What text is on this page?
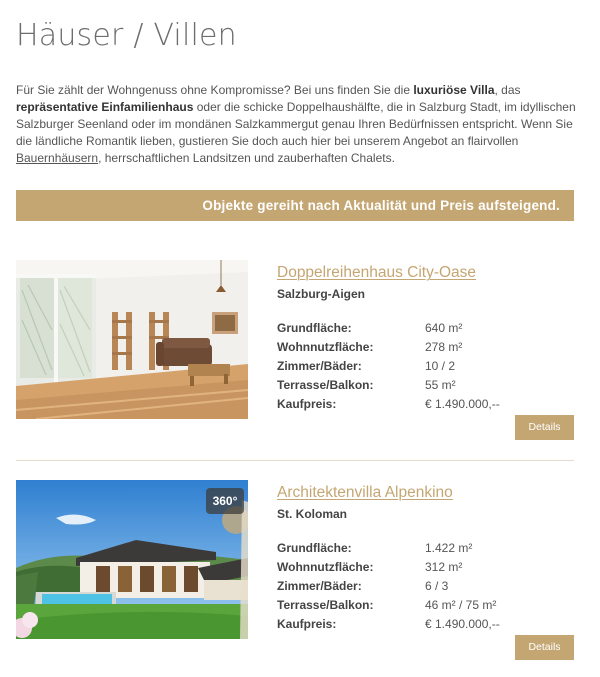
Häuser / Villen

Für Sie zählt der Wohngenuss ohne Kompromisse? Bei uns finden Sie die luxuriöse Villa, das repräsentative Einfamilienhaus oder die schicke Doppelhaushälfte, die in Salzburg Stadt, im idyllischen Salzburger Seenland oder im mondänen Salzkammergut genau Ihren Bedürfnissen entspricht. Wenn Sie die ländliche Romantik lieben, gustieren Sie doch auch hier bei unserem Angebot an flairvollen Bauernhäusern, herrschaftlichen Landsitzen und zauberhaften Chalets.

Objekte gereiht nach Aktualität und Preis aufsteigend.
Doppelreihenhaus City-Oase
Salzburg-Aigen
Grundfläche:	640 m²
Wohnnutzfläche:	278 m²
Zimmer/Bäder:	10 / 2
Terrasse/Balkon:	55 m²
Kaufpreis:	€ 1.490.000,--
Details
360°	Architektenvilla Alpenkino
St. Koloman
Grundfläche:	1.422 m²
Wohnnutzfläche:	312 m²
Zimmer/Bäder:	6 / 3
Terrasse/Balkon:	46 m² / 75 m²
Kaufpreis:	€ 1.490.000,--
Details
